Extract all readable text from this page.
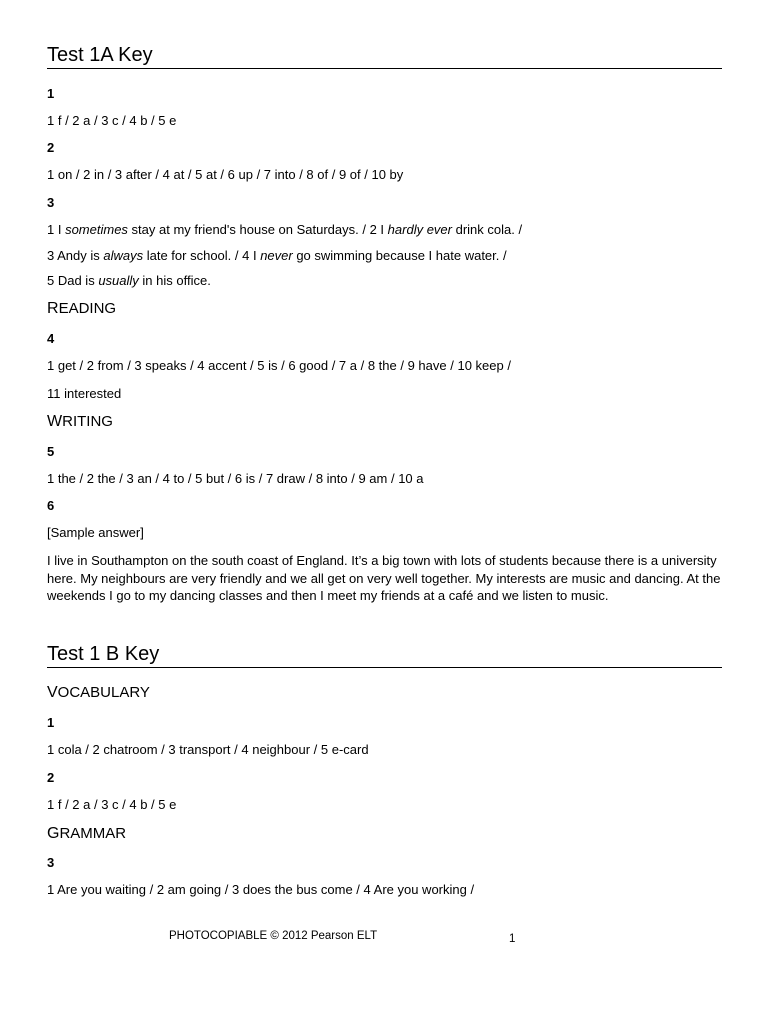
Test 1A Key
1
1 f / 2 a / 3 c / 4 b / 5 e
2
1 on / 2 in / 3 after / 4 at / 5 at / 6 up / 7 into / 8 of / 9 of / 10 by
3
1 I sometimes stay at my friend's house on Saturdays. / 2 I hardly ever drink cola. /
3 Andy is always late for school. / 4 I never go swimming because I hate water. /
5 Dad is usually in his office.
READING
4
1 get / 2 from / 3 speaks / 4 accent / 5 is / 6 good / 7 a / 8 the / 9 have / 10 keep /
11 interested
WRITING
5
1 the / 2 the / 3 an / 4 to / 5 but / 6 is / 7 draw / 8 into / 9 am / 10 a
6
[Sample answer]
I live in Southampton on the south coast of England. It’s a big town with lots of students because there is a university here. My neighbours are very friendly and we all get on very well together. My interests are music and dancing. At the weekends I go to my dancing classes and then I meet my friends at a café and we listen to music.
Test 1 B Key
VOCABULARY
1
1 cola / 2 chatroom / 3 transport / 4 neighbour / 5 e-card
2
1 f / 2 a / 3 c / 4 b / 5 e
GRAMMAR
3
1 Are you waiting / 2 am going / 3 does the bus come / 4 Are you working /
PHOTOCOPIABLE © 2012 Pearson ELT	1
